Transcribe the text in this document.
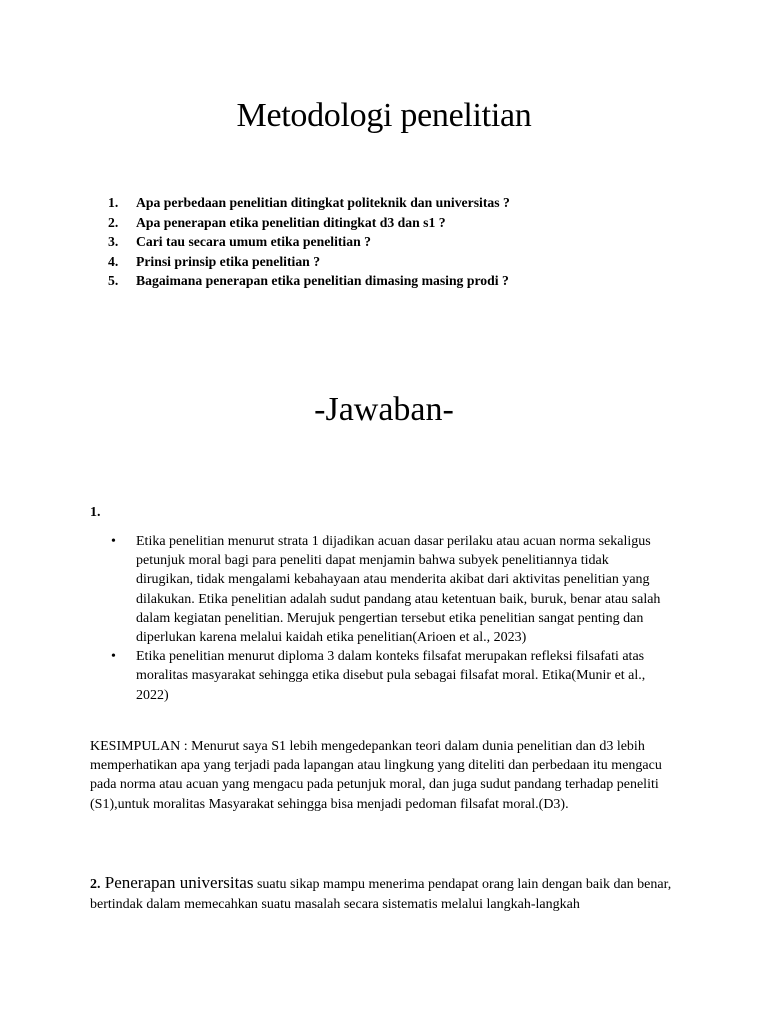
Metodologi penelitian
1.	Apa perbedaan penelitian ditingkat politeknik dan universitas ?
2.	Apa penerapan etika penelitian ditingkat d3 dan s1 ?
3.	Cari tau secara umum etika penelitian ?
4.	Prinsi prinsip etika penelitian ?
5.	Bagaimana penerapan etika penelitian dimasing masing prodi ?
-Jawaban-
1.
• Etika penelitian menurut strata 1 dijadikan acuan dasar perilaku atau acuan norma sekaligus petunjuk moral bagi para peneliti dapat menjamin bahwa subyek penelitiannya tidak dirugikan, tidak mengalami kebahayaan atau menderita akibat dari aktivitas penelitian yang dilakukan. Etika penelitian adalah sudut pandang atau ketentuan baik, buruk, benar atau salah dalam kegiatan penelitian. Merujuk pengertian tersebut etika penelitian sangat penting dan diperlukan karena melalui kaidah etika penelitian(Arioen et al., 2023)
• Etika penelitian menurut diploma 3 dalam konteks filsafat merupakan refleksi filsafati atas moralitas masyarakat sehingga etika disebut pula sebagai filsafat moral. Etika(Munir et al., 2022)
KESIMPULAN : Menurut saya S1 lebih mengedepankan teori dalam dunia penelitian dan d3 lebih memperhatikan apa yang terjadi pada lapangan atau lingkung yang diteliti dan perbedaan itu mengacu pada norma atau acuan yang mengacu pada petunjuk moral, dan juga sudut pandang terhadap peneliti (S1),untuk moralitas Masyarakat sehingga bisa menjadi pedoman filsafat moral.(D3).
2. Penerapan universitas suatu sikap mampu menerima pendapat orang lain dengan baik dan benar, bertindak dalam memecahkan suatu masalah secara sistematis melalui langkah-langkah
